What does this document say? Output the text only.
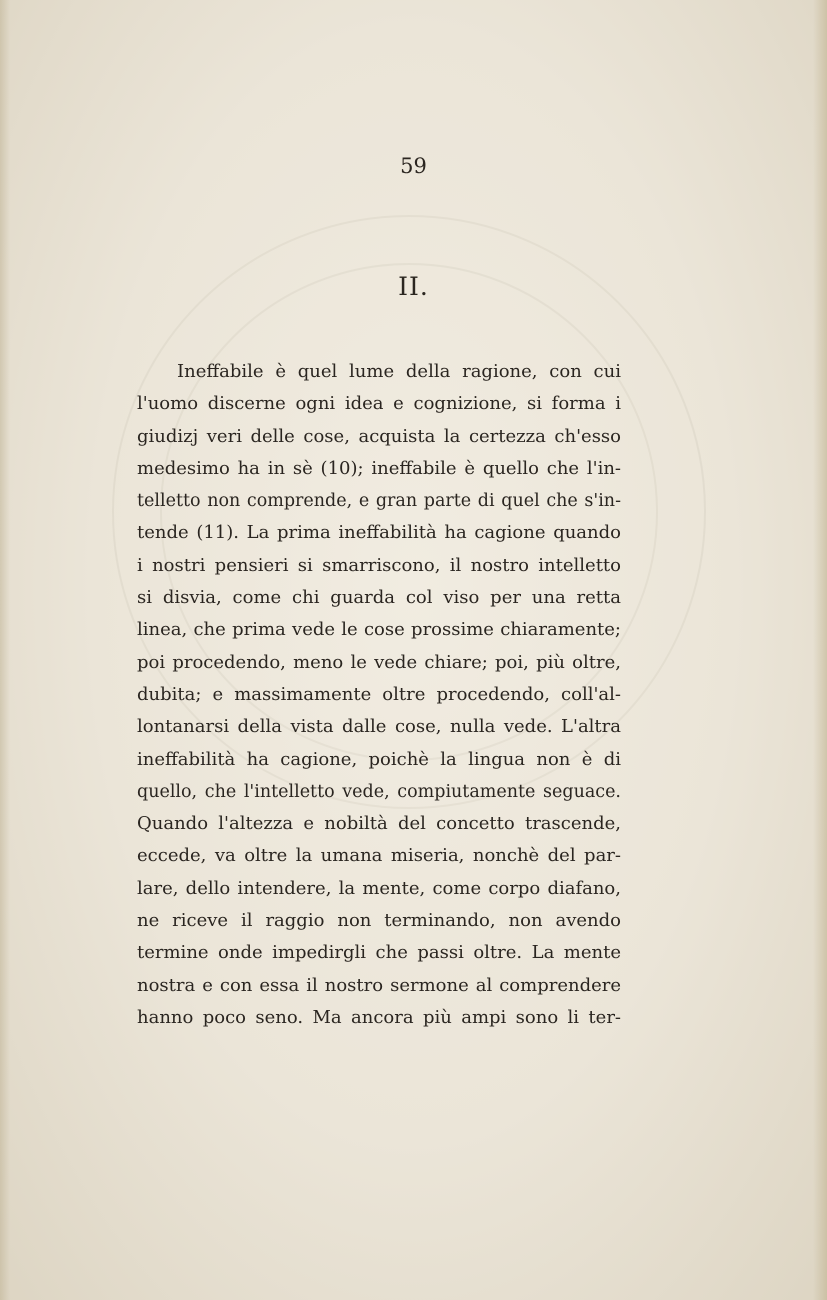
59
II.
Ineffabile è quel lume della ragione, con cui
l'uomo discerne ogni idea e cognizione, si forma i
giudizj veri delle cose, acquista la certezza ch'esso
medesimo ha in sè (10); ineffabile è quello che l'in-
telletto non comprende, e gran parte di quel che s'in-
tende (11). La prima ineffabilità ha cagione quando
i nostri pensieri si smarriscono, il nostro intelletto
si disvia, come chi guarda col viso per una retta
linea, che prima vede le cose prossime chiaramente;
poi procedendo, meno le vede chiare; poi, più oltre,
dubita; e massimamente oltre procedendo, coll'al-
lontanarsi della vista dalle cose, nulla vede. L'altra
ineffabilità ha cagione, poichè la lingua non è di
quello, che l'intelletto vede, compiutamente seguace.
Quando l'altezza e nobiltà del concetto trascende,
eccede, va oltre la umana miseria, nonchè del par-
lare, dello intendere, la mente, come corpo diafano,
ne riceve il raggio non terminando, non avendo
termine onde impedirgli che passi oltre. La mente
nostra e con essa il nostro sermone al comprendere
hanno poco seno. Ma ancora più ampi sono li ter-
